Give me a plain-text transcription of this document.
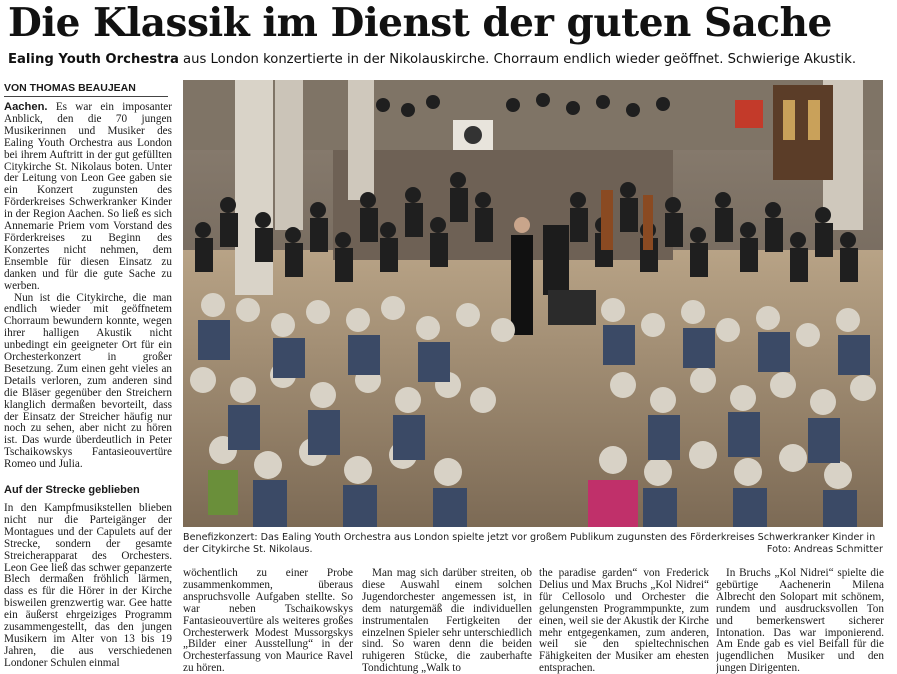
Die Klassik im Dienst der guten Sache
Ealing Youth Orchestra aus London konzertierte in der Nikolauskirche. Chorraum endlich wieder geöffnet. Schwierige Akustik.
VON THOMAS BEAUJEAN

Aachen. Es war ein imposanter Anblick, den die 70 jungen Musikerinnen und Musiker des Ealing Youth Orchestra aus London bei ihrem Auftritt in der gut gefüllten Citykirche St. Nikolaus boten. Unter der Leitung von Leon Gee gaben sie ein Konzert zugunsten des Förderkreises Schwerkranker Kinder in der Region Aachen. So ließ es sich Annemarie Priem vom Vorstand des Förderkreises zu Beginn des Konzertes nicht nehmen, dem Ensemble für diesen Einsatz zu danken und für die gute Sache zu werben.

Nun ist die Citykirche, die man endlich wieder mit geöffnetem Chorraum bewundern konnte, wegen ihrer halligen Akustik nicht unbedingt ein geeigneter Ort für ein Orchesterkonzert in großer Besetzung. Zum einen geht vieles an Details verloren, zum anderen sind die Bläser gegenüber den Streichern klanglich dermaßen bevorteilt, dass der Einsatz der Streicher häufig nur noch zu sehen, aber nicht zu hören ist. Das wurde überdeutlich in Peter Tschaikowskys Fantasieouvertüre Romeo und Julia.

Auf der Strecke geblieben

In den Kampfmusikstellen blieben nicht nur die Parteigänger der Montagues und der Capulets auf der Strecke, sondern der gesamte Streicherapparat des Orchesters. Leon Gee ließ das schwer gepanzerte Blech dermaßen fröhlich lärmen, dass es für die Hörer in der Kirche bisweilen grenzwertig war. Gee hatte ein äußerst ehrgeiziges Programm zusammengestellt, das den jungen Musikern im Alter von 13 bis 19 Jahren, die aus verschiedenen Londoner Schulen einmal

Benefizkonzert: Das Ealing Youth Orchestra aus London spielte jetzt vor großem Publikum zugunsten des Förderkreises Schwerkranker Kinder in der Citykirche St. Nikolaus.	Foto: Andreas Schmitter

wöchentlich zu einer Probe zusammenkommen, überaus anspruchsvolle Aufgaben stellte. So war neben Tschaikowskys Fantasieouvertüre als weiteres großes Orchesterwerk Modest Mussorgskys „Bilder einer Ausstellung“ in der Orchesterfassung von Maurice Ravel zu hören.

Man mag sich darüber streiten, ob diese Auswahl einem solchen Jugendorchester angemessen ist, in dem naturgemäß die individuellen instrumentalen Fertigkeiten der einzelnen Spieler sehr unterschiedlich sind. So waren denn die beiden ruhigeren Stücke, die zauberhafte Tondichtung „Walk to

the paradise garden“ von Frederick Delius und Max Bruchs „Kol Nidrei“ für Cellosolo und Orchester die gelungensten Programmpunkte, zum einen, weil sie der Akustik der Kirche mehr entgegenkamen, zum anderen, weil sie den spieltechnischen Fähigkeiten der Musiker am ehesten entsprachen.

In Bruchs „Kol Nidrei“ spielte die gebürtige Aachenerin Milena Albrecht den Solopart mit schönem, rundem und ausdrucksvollen Ton und bemerkenswert sicherer Intonation. Das war imponierend. Am Ende gab es viel Beifall für die jugendlichen Musiker und den jungen Dirigenten.
